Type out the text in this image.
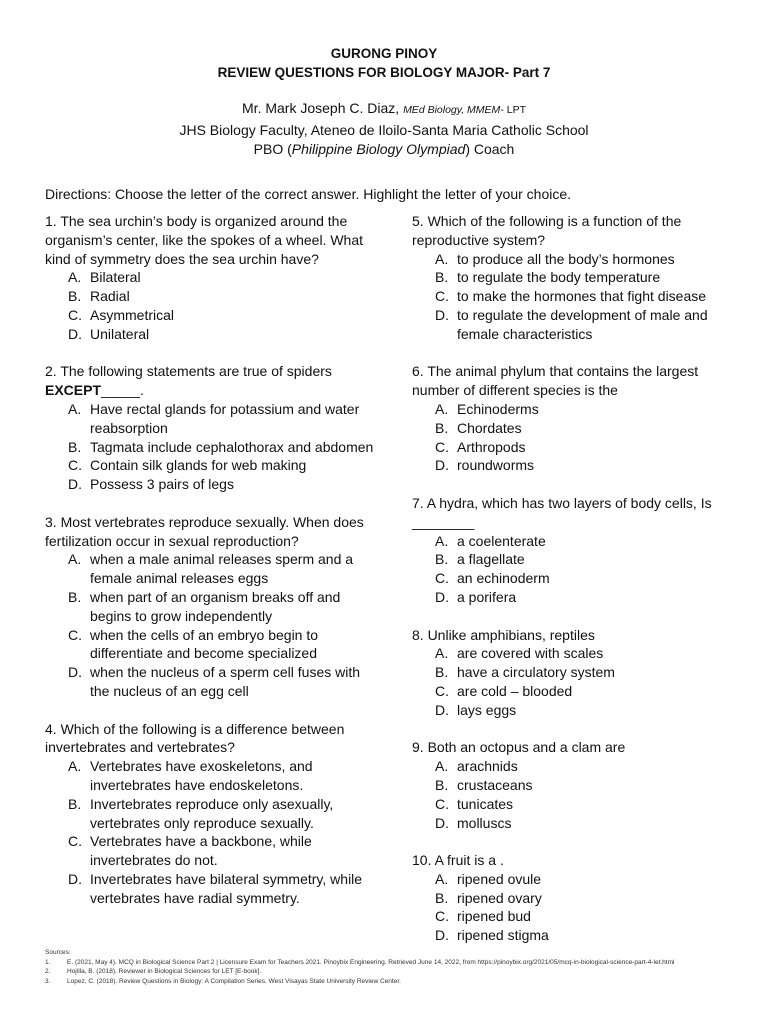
GURONG PINOY
REVIEW QUESTIONS FOR BIOLOGY MAJOR- Part 7
Mr. Mark Joseph C. Diaz, MEd Biology, MMEM- LPT
JHS Biology Faculty, Ateneo de Iloilo-Santa Maria Catholic School
PBO (Philippine Biology Olympiad) Coach
Directions: Choose the letter of the correct answer. Highlight the letter of your choice.
1. The sea urchin’s body is organized around the organism’s center, like the spokes of a wheel. What kind of symmetry does the sea urchin have?
A. Bilateral
B. Radial
C. Asymmetrical
D. Unilateral
2. The following statements are true of spiders
EXCEPT_____.
A. Have rectal glands for potassium and water reabsorption
B. Tagmata include cephalothorax and abdomen
C. Contain silk glands for web making
D. Possess 3 pairs of legs
3. Most vertebrates reproduce sexually. When does fertilization occur in sexual reproduction?
A. when a male animal releases sperm and a female animal releases eggs
B. when part of an organism breaks off and begins to grow independently
C. when the cells of an embryo begin to differentiate and become specialized
D. when the nucleus of a sperm cell fuses with the nucleus of an egg cell
4. Which of the following is a difference between invertebrates and vertebrates?
A. Vertebrates have exoskeletons, and invertebrates have endoskeletons.
B. Invertebrates reproduce only asexually, vertebrates only reproduce sexually.
C. Vertebrates have a backbone, while invertebrates do not.
D. Invertebrates have bilateral symmetry, while vertebrates have radial symmetry.
5. Which of the following is a function of the reproductive system?
A. to produce all the body’s hormones
B. to regulate the body temperature
C. to make the hormones that fight disease
D. to regulate the development of male and female characteristics
6. The animal phylum that contains the largest number of different species is the
A. Echinoderms
B. Chordates
C. Arthropods
D. roundworms
7. A hydra, which has two layers of body cells, Is ________
A. a coelenterate
B. a flagellate
C. an echinoderm
D. a porifera
8. Unlike amphibians, reptiles
A. are covered with scales
B. have a circulatory system
C. are cold – blooded
D. lays eggs
9. Both an octopus and a clam are
A. arachnids
B. crustaceans
C. tunicates
D. molluscs
10. A fruit is a .
A. ripened ovule
B. ripened ovary
C. ripened bud
D. ripened stigma
Sources:
1.	E. (2021, May 4). MCQ in Biological Science Part 2 | Licensure Exam for Teachers 2021. Pinoybix Engineering. Retrieved June 14, 2022, from https://pinoybix.org/2021/05/mcq-in-biological-science-part-4-let.html
2.	Hojilla, B. (2018). Reviewer in Biological Sciences for LET [E-book].
3.	Lopez, C. (2018). Review Questions in Biology: A Compilation Series. West Visayas State University Review Center.
